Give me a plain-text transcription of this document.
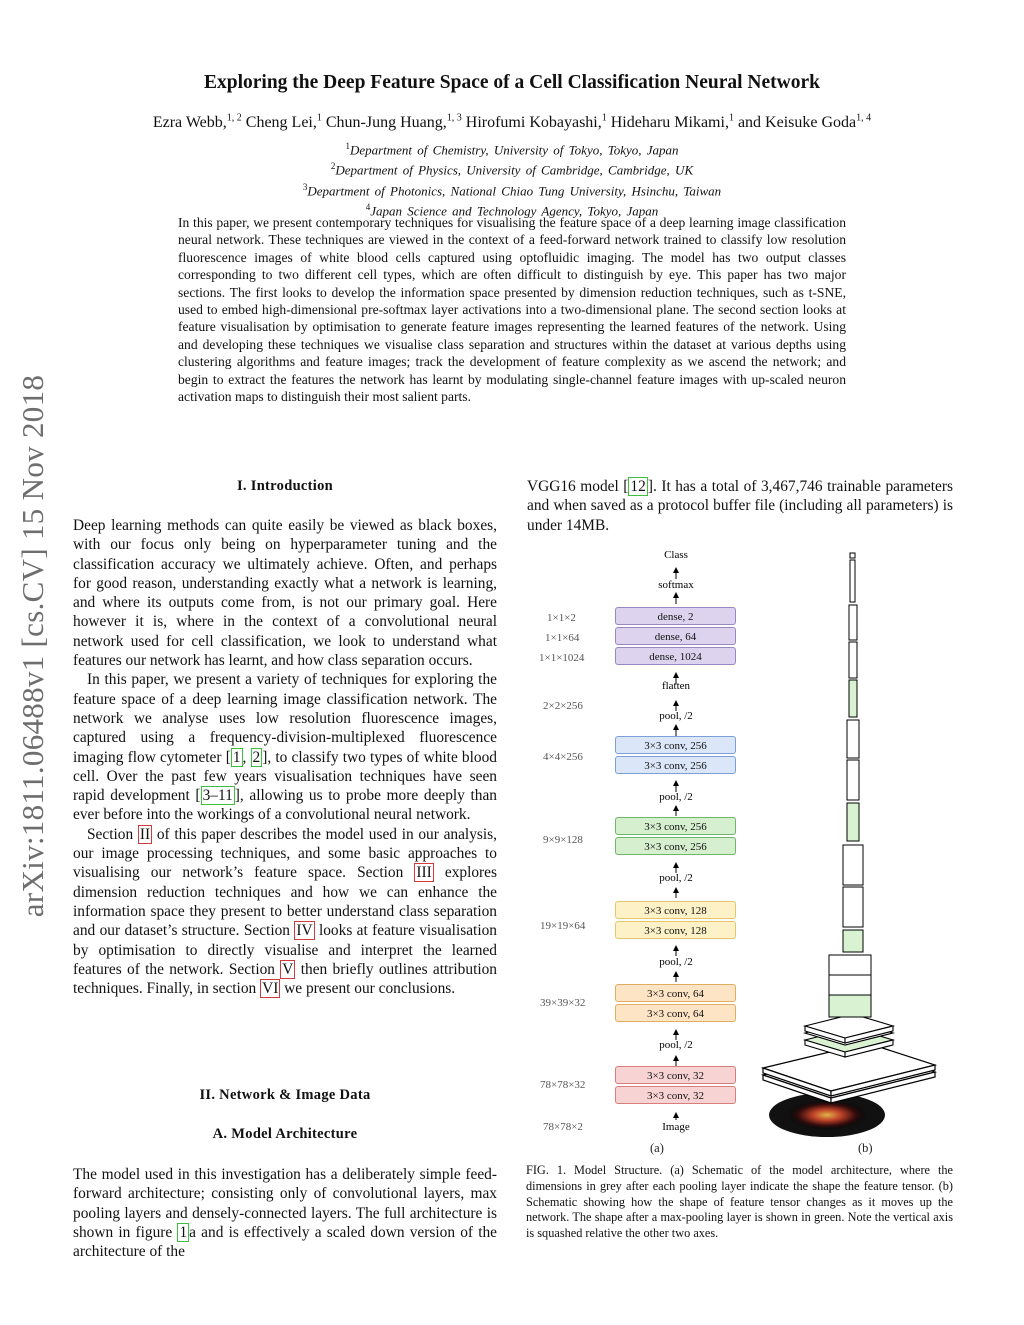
arXiv:1811.06488v1 [cs.CV] 15 Nov 2018
Exploring the Deep Feature Space of a Cell Classification Neural Network
Ezra Webb,$^{1, 2}$ Cheng Lei,$^1$ Chun-Jung Huang,$^{1, 3}$ Hirofumi Kobayashi,$^1$ Hideharu Mikami,$^1$ and Keisuke Goda$^{1, 4}$
$^1$Department of Chemistry, University of Tokyo, Tokyo, Japan
$^2$Department of Physics, University of Cambridge, Cambridge, UK
$^3$Department of Photonics, National Chiao Tung University, Hsinchu, Taiwan
$^4$Japan Science and Technology Agency, Tokyo, Japan
In this paper, we present contemporary techniques for visualising the feature space of a deep learning image classification neural network. These techniques are viewed in the context of a feed-forward network trained to classify low resolution fluorescence images of white blood cells captured using optofluidic imaging. The model has two output classes corresponding to two different cell types, which are often difficult to distinguish by eye. This paper has two major sections. The first looks to develop the information space presented by dimension reduction techniques, such as t-SNE, used to embed high-dimensional pre-softmax layer activations into a two-dimensional plane. The second section looks at feature visualisation by optimisation to generate feature images representing the learned features of the network. Using and developing these techniques we visualise class separation and structures within the dataset at various depths using clustering algorithms and feature images; track the development of feature complexity as we ascend the network; and begin to extract the features the network has learnt by modulating single-channel feature images with up-scaled neuron activation maps to distinguish their most salient parts.
I. Introduction

Deep learning methods can quite easily be viewed as black boxes, with our focus only being on hyperparameter tuning and the classification accuracy we ultimately achieve. Often, and perhaps for good reason, understanding exactly what a network is learning, and where its outputs come from, is not our primary goal. Here however it is, where in the context of a convolutional neural network used for cell classification, we look to understand what features our network has learnt, and how class separation occurs.

In this paper, we present a variety of techniques for exploring the feature space of a deep learning image classification network. The network we analyse uses low resolution fluorescence images, captured using a frequency-division-multiplexed fluorescence imaging flow cytometer [ 1 , 2 ], to classify two types of white blood cell. Over the past few years visualisation techniques have seen rapid development [ 3–11 ], allowing us to probe more deeply than ever before into the workings of a convolutional neural network.

Section II of this paper describes the model used in our analysis, our image processing techniques, and some basic approaches to visualising our network’s feature space. Section III explores dimension reduction techniques and how we can enhance the information space they present to better understand class separation and our dataset’s structure. Section IV looks at feature visualisation by optimisation to directly visualise and interpret the learned features of the network. Section V then briefly outlines attribution techniques. Finally, in section VI we present our conclusions.

II. Network & Image Data
A. Model Architecture

The model used in this investigation has a deliberately simple feed-forward architecture; consisting only of convolutional layers, max pooling layers and densely-connected layers. The full architecture is shown in figure 1 a and is effectively a scaled down version of the architecture of the

VGG16 model [ 12 ]. It has a total of 3,467,746 trainable parameters and when saved as a protocol buffer file (including all parameters) is under 14MB.

Class
softmax
1×1×2
1×1×64
1×1×1024
dense, 2
dense, 64
dense, 1024
flatten
2×2×256
pool, /2
3×3 conv, 256
3×3 conv, 256
4×4×256
pool, /2
3×3 conv, 256
3×3 conv, 256
9×9×128
pool, /2
3×3 conv, 128
3×3 conv, 128
19×19×64
pool, /2
3×3 conv, 64
3×3 conv, 64
39×39×32
pool, /2
3×3 conv, 32
3×3 conv, 32
78×78×32
78×78×2	Image
(a)	(b)
FIG. 1. Model Structure. (a) Schematic of the model architecture, where the dimensions in grey after each pooling layer indicate the shape the feature tensor. (b) Schematic showing how the shape of feature tensor changes as it moves up the network. The shape after a max-pooling layer is shown in green. Note the vertical axis is squashed relative the other two axes.
